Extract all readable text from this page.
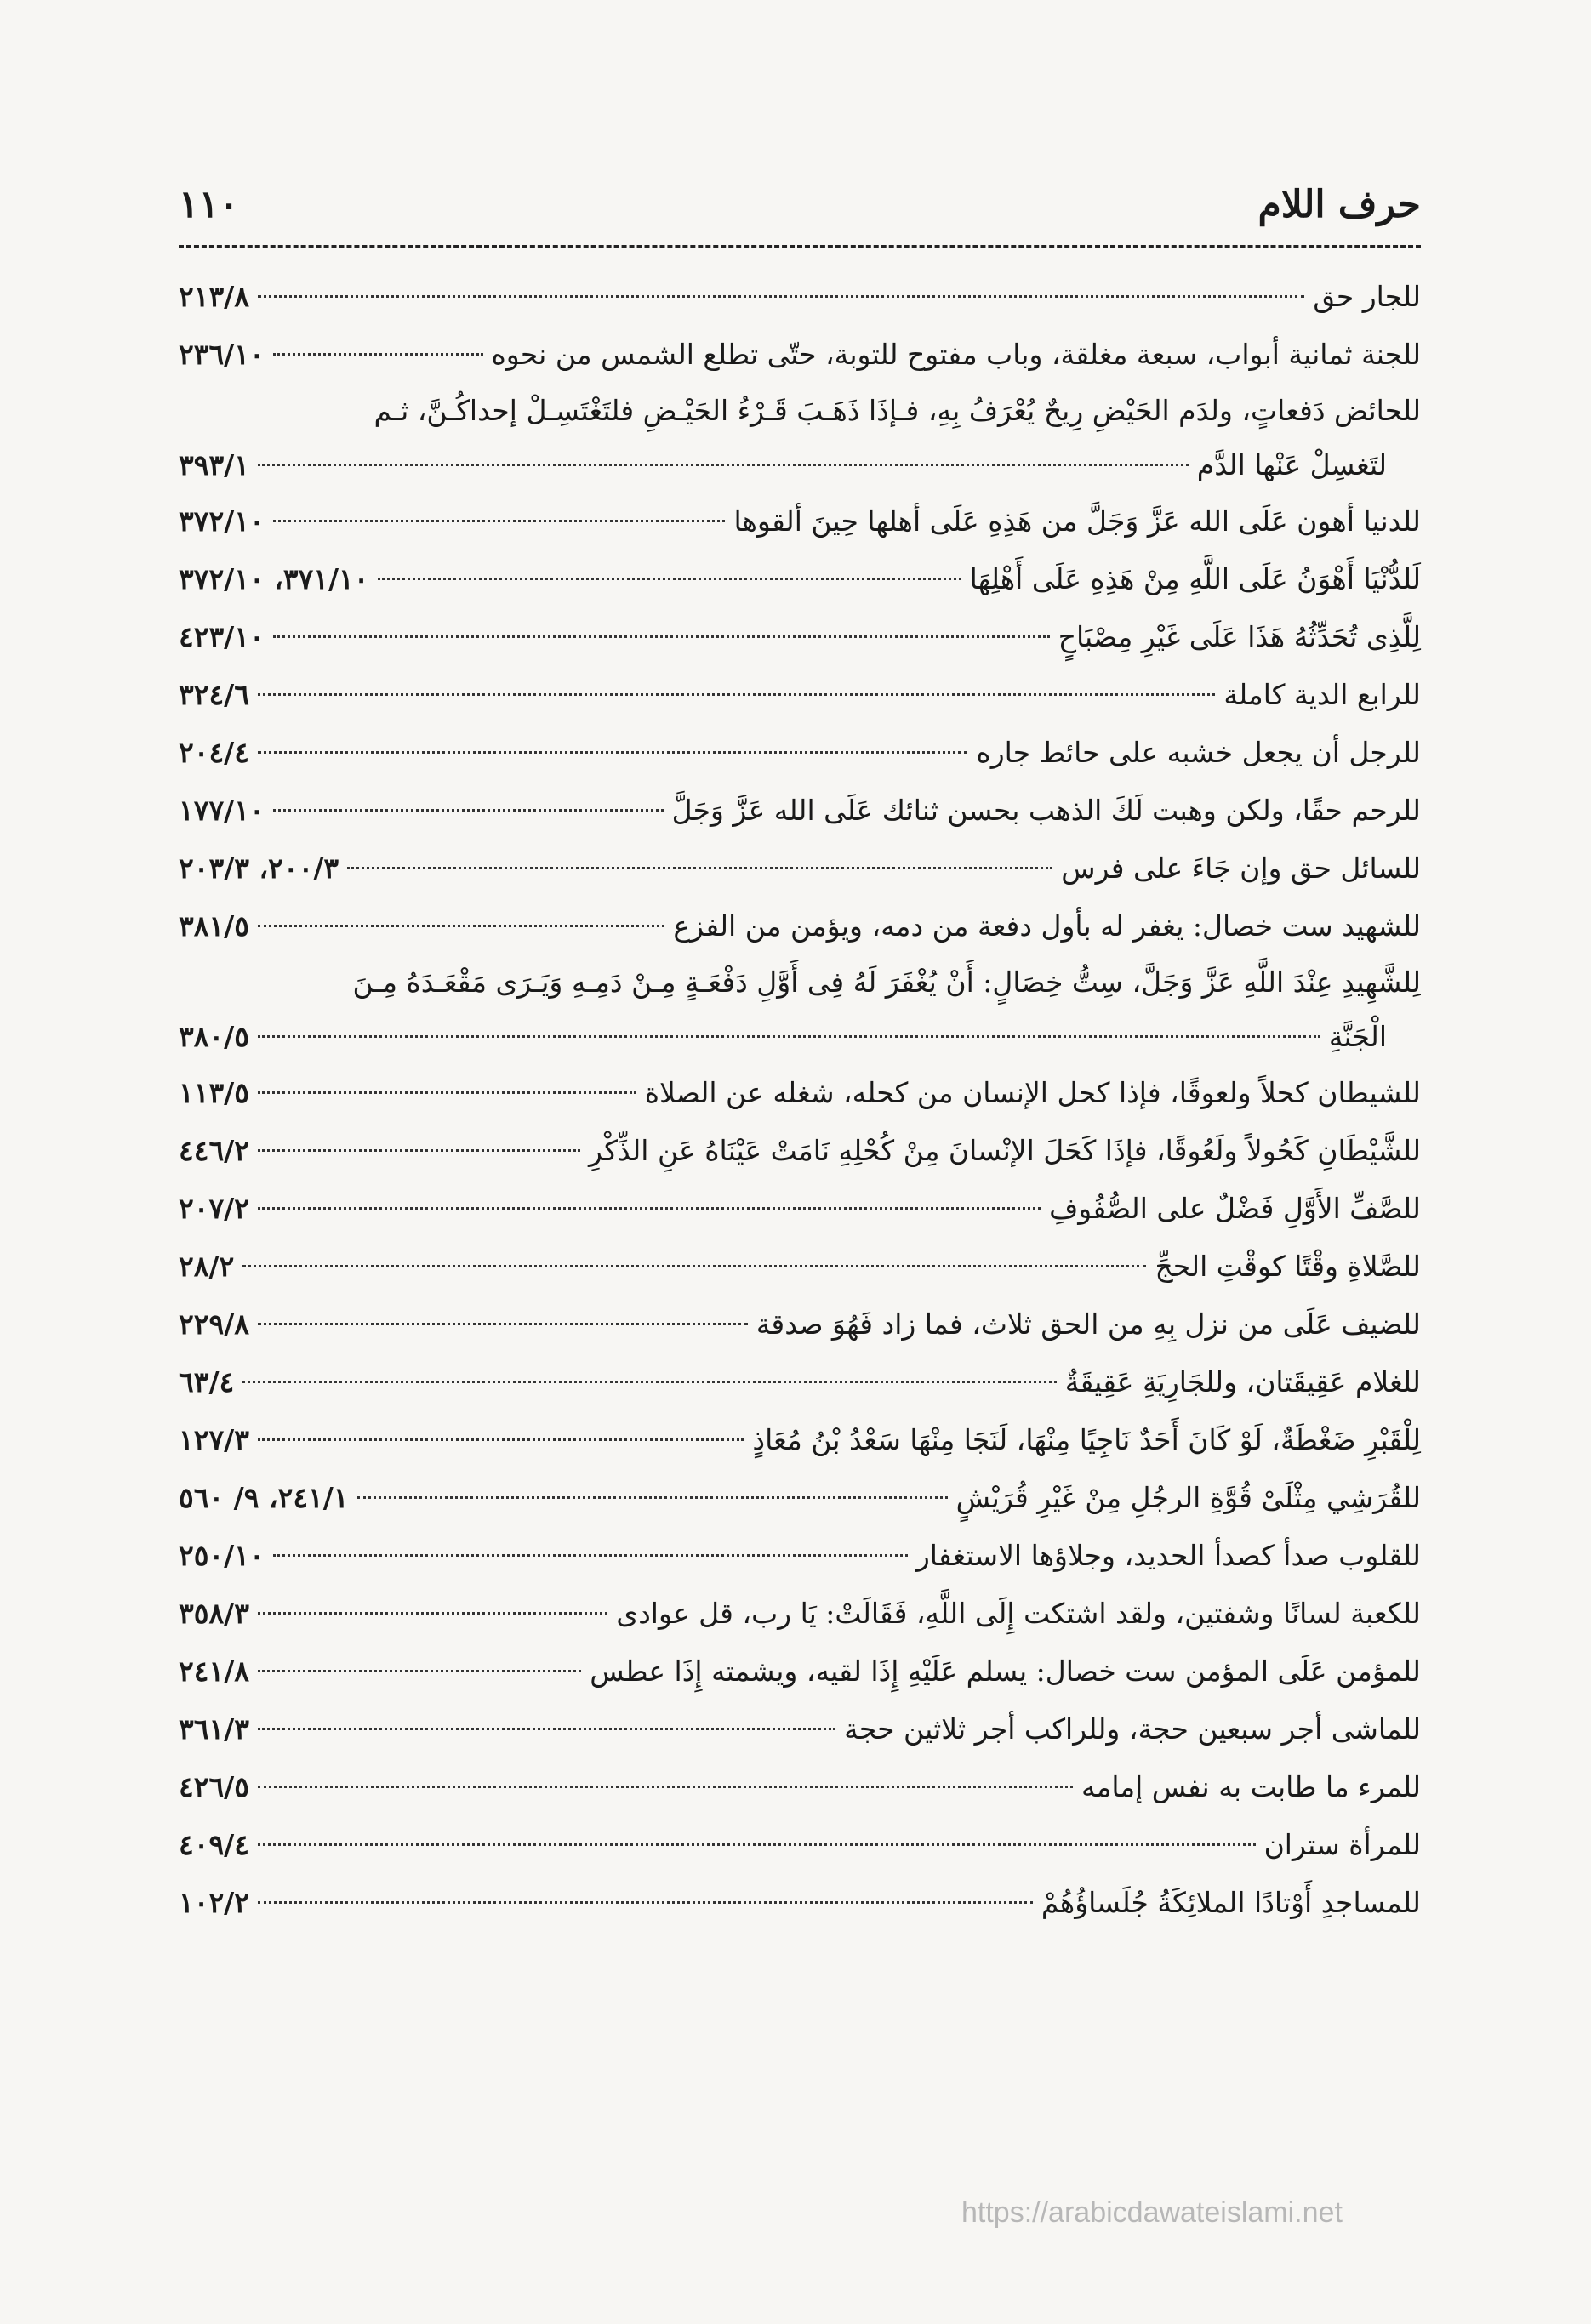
حرف اللام
١١٠
للجار حق
٢١٣/٨
للجنة ثمانية أبواب، سبعة مغلقة، وباب مفتوح للتوبة، حتّى تطلع الشمس من نحوه
٢٣٦/١٠
للحائض دَفعاتٍ، ولدَم الحَيْضِ رِيحٌ يُعْرَفُ بِهِ، فـإذَا ذَهَـبَ قَـرْءُ الحَيْـضِ فلتَغْتَسِـلْ إحداكُـنَّ، ثـم
لتَغسِلْ عَنْها الدَّم
٣٩٣/١
للدنيا أهون عَلَى الله عَزَّ وَجَلَّ من هَذِهِ عَلَى أهلها حِينَ ألقوها
٣٧٢/١٠
لَلدُّنْيَا أَهْوَنُ عَلَى اللَّهِ مِنْ هَذِهِ عَلَى أَهْلِهَا
٣٧١/١٠، ٣٧٢/١٠
لِلَّذِى تُحَدِّثُهُ هَذَا عَلَى غَيْرِ مِصْبَاحٍ
٤٢٣/١٠
للرابع الدية كاملة
٣٢٤/٦
للرجل أن يجعل خشبه على حائط جاره
٢٠٤/٤
للرحم حقًا، ولكن وهبت لَكَ الذهب بحسن ثنائك عَلَى الله عَزَّ وَجَلَّ
١٧٧/١٠
للسائل حق وإن جَاءَ على فرس
٢٠٠/٣، ٢٠٣/٣
للشهيد ست خصال: يغفر له بأول دفعة من دمه، ويؤمن من الفزع
٣٨١/٥
لِلشَّهِيدِ عِنْدَ اللَّهِ عَزَّ وَجَلَّ، سِتُّ خِصَالٍ: أَنْ يُغْفَرَ لَهُ فِى أَوَّلِ دَفْعَـةٍ مِـنْ دَمِـهِ وَيَـرَى مَقْعَـدَهُ مِـنَ
الْجَنَّةِ
٣٨٠/٥
للشيطان كحلاً ولعوقًا، فإذا كحل الإنسان من كحله، شغله عن الصلاة
١١٣/٥
للشَّيْطَانِ كَحُولاً ولَعُوقًا، فإذَا كَحَلَ الإنْسانَ مِنْ كُحْلِهِ نَامَتْ عَيْنَاهُ عَنِ الذِّكْرِ
٤٤٦/٢
للصَّفِّ الأَوَّلِ فَضْلٌ على الصُّفُوفِ
٢٠٧/٢
للصَّلاةِ وقْتًا كوقْتِ الحجِّ
٢٨/٢
للضيف عَلَى من نزل بِهِ من الحق ثلاث، فما زاد فَهُوَ صدقة
٢٢٩/٨
للغلام عَقِيقَتان، وللجَارِيَةِ عَقِيقَةٌ
٦٣/٤
لِلْقَبْرِ ضَغْطَةٌ، لَوْ كَانَ أَحَدٌ نَاجِيًا مِنْهَا، لَنَجَا مِنْهَا سَعْدُ بْنُ مُعَاذٍ
١٢٧/٣
للقُرَشِي مِثْلَىْ قُوَّةِ الرجُلِ مِنْ غَيْرِ قُرَيْشٍ
٢٤١/١، ٩/ ٥٦٠
للقلوب صدأ كصدأ الحديد، وجلاؤها الاستغفار
٢٥٠/١٠
للكعبة لسانًا وشفتين، ولقد اشتكت إِلَى اللَّهِ، فَقَالَتْ: يَا رب، قل عوادى
٣٥٨/٣
للمؤمن عَلَى المؤمن ست خصال: يسلم عَلَيْهِ إِذَا لقيه، ويشمته إِذَا عطس
٢٤١/٨
للماشى أجر سبعين حجة، وللراكب أجر ثلاثين حجة
٣٦١/٣
للمرء ما طابت به نفس إمامه
٤٢٦/٥
للمرأة ستران
٤٠٩/٤
للمساجدِ أَوْتادًا الملائِكَةُ جُلَساؤُهُمْ
١٠٢/٢
https://arabicdawateislami.net
